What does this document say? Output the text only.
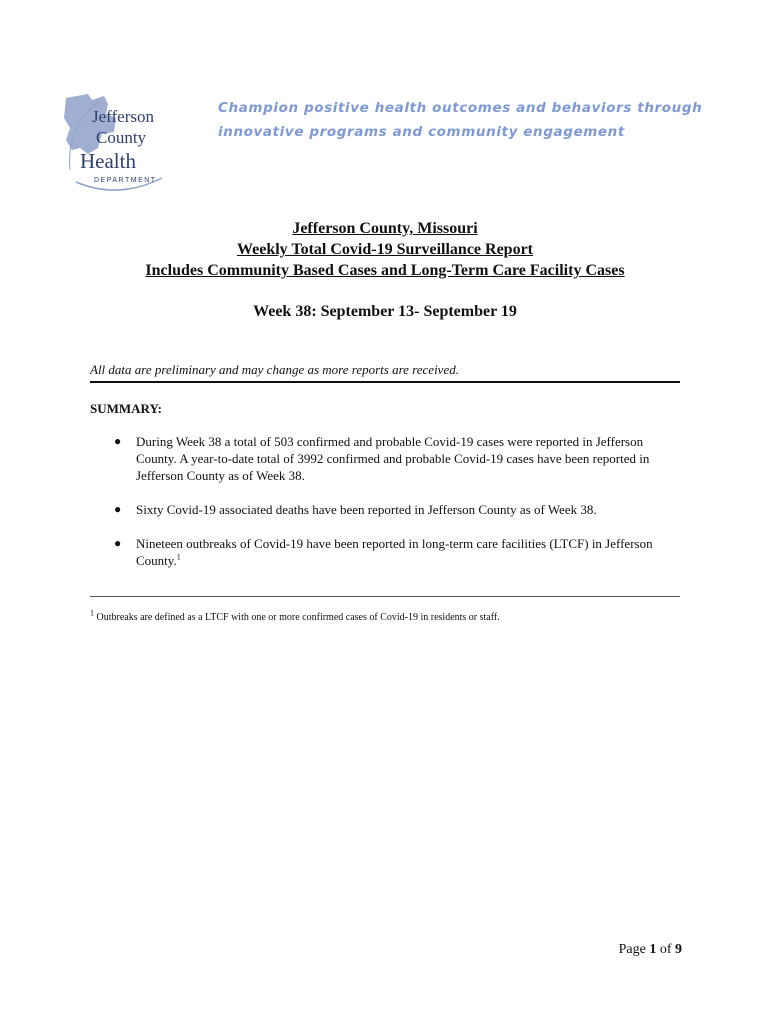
Jefferson
County
Health
DEPARTMENT
Champion positive health outcomes and behaviors through
innovative programs and community engagement
Jefferson County, Missouri
Weekly Total Covid-19 Surveillance Report
Includes Community Based Cases and Long-Term Care Facility Cases
Week 38: September 13- September 19
All data are preliminary and may change as more reports are received.
SUMMARY:
● During Week 38 a total of 503 confirmed and probable Covid-19 cases were reported in Jefferson County. A year-to-date total of 3992 confirmed and probable Covid-19 cases have been reported in Jefferson County as of Week 38.
● Sixty Covid-19 associated deaths have been reported in Jefferson County as of Week 38.
● Nineteen outbreaks of Covid-19 have been reported in long-term care facilities (LTCF) in Jefferson County.$^1$
$^1$ Outbreaks are defined as a LTCF with one or more confirmed cases of Covid-19 in residents or staff.
Page 1 of 9
